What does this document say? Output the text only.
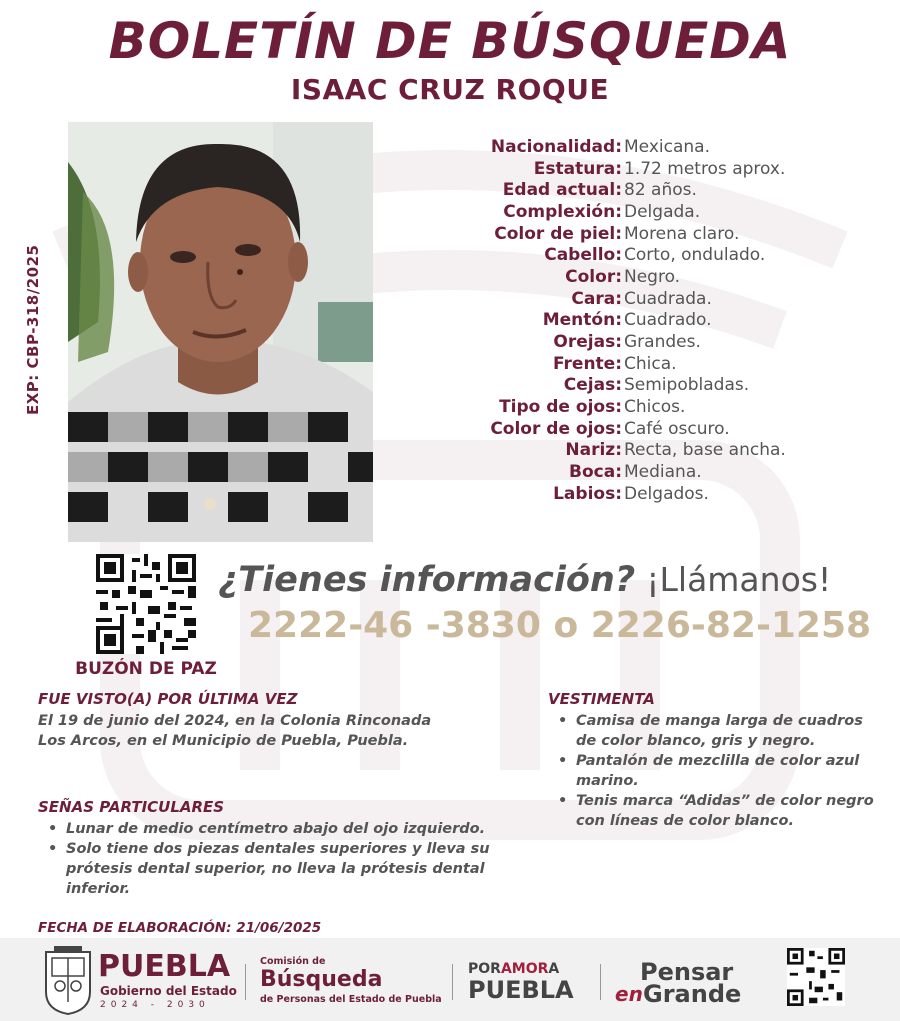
BOLETÍN DE BÚSQUEDA
ISAAC CRUZ ROQUE
EXP: CBP-318/2025
Nacionalidad: Mexicana.
Estatura: 1.72 metros aprox.
Edad actual: 82 años.
Complexión: Delgada.
Color de piel: Morena claro.
Cabello: Corto, ondulado.
Color: Negro.
Cara: Cuadrada.
Mentón: Cuadrado.
Orejas: Grandes.
Frente: Chica.
Cejas: Semipobladas.
Tipo de ojos: Chicos.
Color de ojos: Café oscuro.
Nariz: Recta, base ancha.
Boca: Mediana.
Labios: Delgados.
BUZÓN DE PAZ
¿Tienes información? ¡Llámanos!
2222-46 -3830 o 2226-82-1258
FUE VISTO(A) POR ÚLTIMA VEZ
El 19 de junio del 2024, en la Colonia Rinconada
Los Arcos, en el Municipio de Puebla, Puebla.
SEÑAS PARTICULARES
• Lunar de medio centímetro abajo del ojo izquierdo.
• Solo tiene dos piezas dentales superiores y lleva su prótesis dental superior, no lleva la prótesis dental inferior.
VESTIMENTA
• Camisa de manga larga de cuadros de color blanco, gris y negro.
• Pantalón de mezclilla de color azul marino.
• Tenis marca “Adidas” de color negro con líneas de color blanco.
FECHA DE ELABORACIÓN: 21/06/2025
PUEBLA
Gobierno del Estado
2024 - 2030
Comisión de
Búsqueda
de Personas del Estado de Puebla
PORAMORA
PUEBLA
Pensar
en Grande
